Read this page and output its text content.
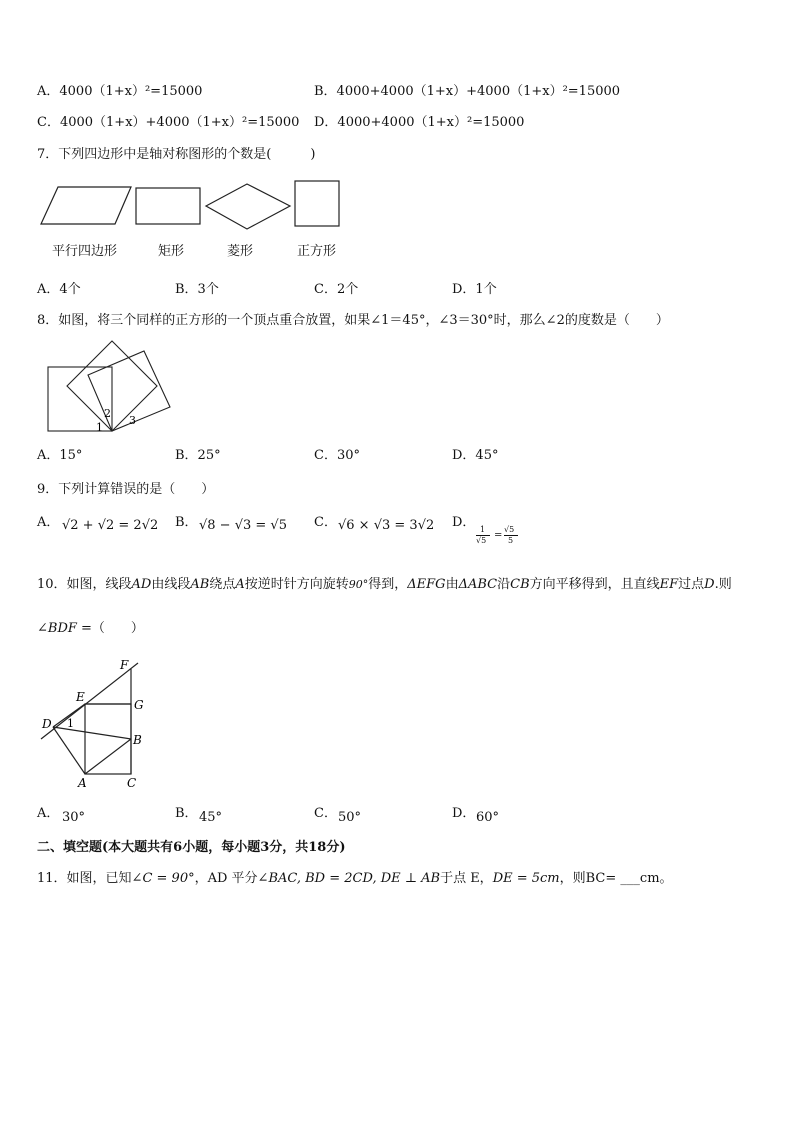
A．4000（1+x）²=15000	B．4000+4000（1+x）+4000（1+x）²=15000
C．4000（1+x）+4000（1+x）²=15000 D．4000+4000（1+x）²=15000
7．下列四边形中是轴对称图形的个数是(　　　)
平行四边形	矩形	菱形	正方形
A．4个	B．3个	C．2个	D．1个
8．如图，将三个同样的正方形的一个顶点重合放置，如果∠1＝45°，∠3＝30°时，那么∠2的度数是（　　）
1
2
3
A．15°	B．25°	C．30°	D．45°
9．下列计算错误的是（　　）
A． √2 + √2 = 2√2 B． √8 − √3 = √5 C． √6 × √3 = 3√2 D． 1
√5 =
√5
5
10．如图，线段AD由线段AB绕点A按逆时针方向旋转90°得到，ΔEFG由ΔABC沿CB方向平移得到，且直线EF过点D.则
∠BDF =（　　）
F
E
G
D 1
B
A	C
A． 30°	B． 45°	C． 50°	D． 60°
二、填空题(本大题共有6小题，每小题3分，共18分)
11．如图，已知∠C = 90°，AD 平分∠BAC, BD = 2CD, DE ⊥ AB于点 E，DE = 5cm，则BC= ___cm。
